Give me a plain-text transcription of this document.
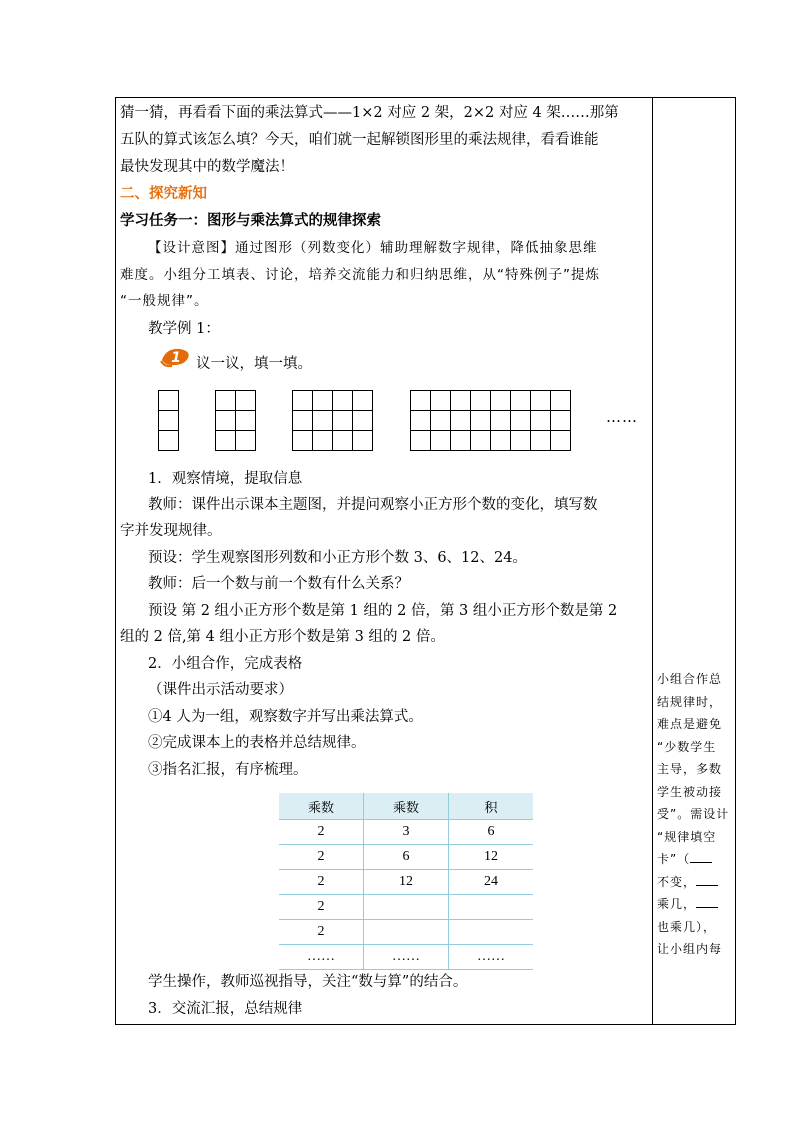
猜一猜，再看看下面的乘法算式——1×2 对应 2 架，2×2 对应 4 架……那第
五队的算式该怎么填？今天，咱们就一起解锁图形里的乘法规律，看看谁能
最快发现其中的数学魔法！
二、探究新知
学习任务一：图形与乘法算式的规律探索
【设计意图】通过图形（列数变化）辅助理解数字规律，降低抽象思维
难度。小组分工填表、讨论，培养交流能力和归纳思维，从“特殊例子”提炼
“一般规律”。
教学例 1：
1 议一议，填一填。

……
1．观察情境，提取信息
教师：课件出示课本主题图，并提问观察小正方形个数的变化，填写数
字并发现规律。
预设：学生观察图形列数和小正方形个数 3、6、12、24。
教师：后一个数与前一个数有什么关系？
预设 第 2 组小正方形个数是第 1 组的 2 倍，第 3 组小正方形个数是第 2
组的 2 倍,第 4 组小正方形个数是第 3 组的 2 倍。
2．小组合作，完成表格
（课件出示活动要求）
①4 人为一组，观察数字并写出乘法算式。
②完成课本上的表格并总结规律。
③指名汇报，有序梳理。
乘数	乘数	积
2	3	6
2	6	12
2	12	24
2		
2		
……	……	……
学生操作，教师巡视指导，关注“数与算”的结合。
3．交流汇报，总结规律
小组合作总
结规律时，
难点是避免
“少数学生
主导，多数
学生被动接
受”。需设计
“规律填空
卡”（
不变，
乘几，
也乘几），
让小组内每
